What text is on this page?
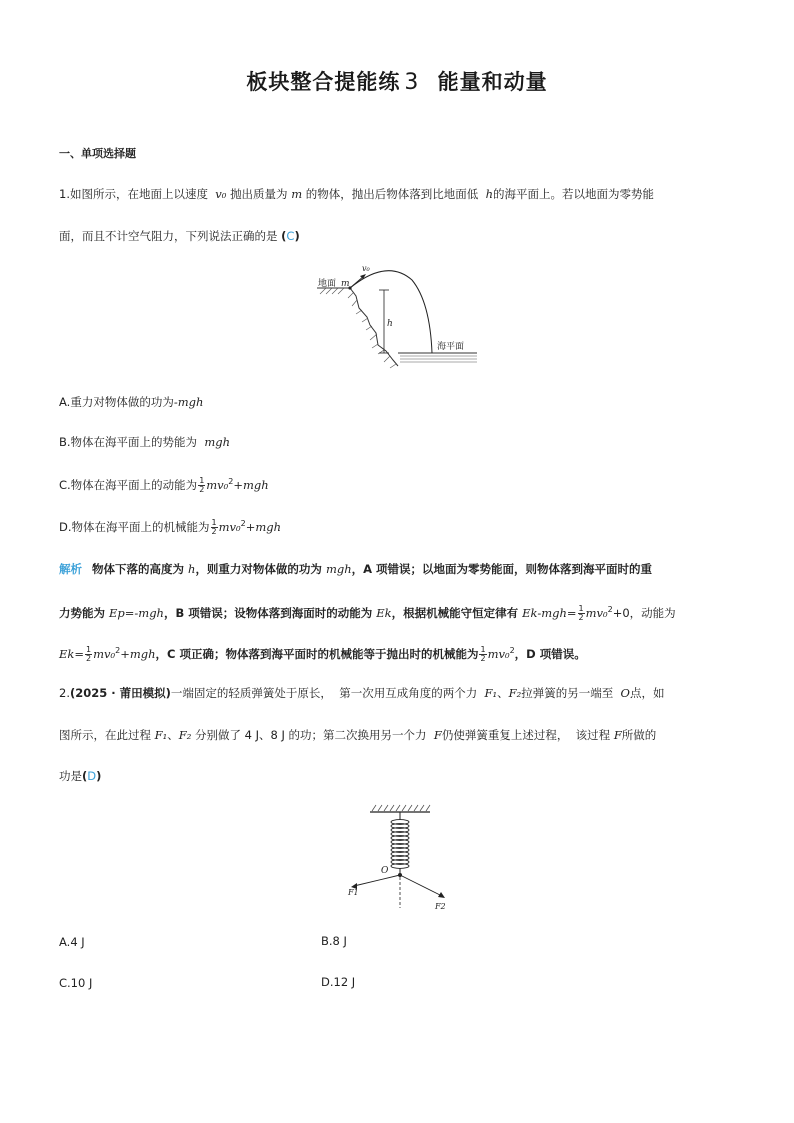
板块整合提能练 3 能量和动量
一、单项选择题
1.如图所示，在地面上以速度 v₀ 抛出质量为 m 的物体，抛出后物体落到比地面低 h的海平面上。若以地面为零势能
面，而且不计空气阻力，下列说法正确的是 (C)
地面 m
v₀
h
海平面
A.重力对物体做的功为-mgh
B.物体在海平面上的势能为 mgh
C.物体在海平面上的动能为 $\frac{1}{2} mv_0^2+mgh$
D.物体在海平面上的机械能为 $\frac{1}{2} mv_0^2+mgh$
解析 物体下落的高度为 h，则重力对物体做的功为 mgh，A 项错误；以地面为零势能面，则物体落到海平面时的重
力势能为 Ep=-mgh，B 项错误；设物体落到海面时的动能为 Ek，根据机械能守恒定律有 $Ek-mgh= \frac{1}{2} mv_0^2+0$，动能为
$Ek= \frac{1}{2} mv_0^2+mgh$，C 项正确；物体落到海平面时的机械能等于抛出时的机械能为 $\frac{1}{2} mv_0^2$，D 项错误。
2.(2025 · 莆田模拟)一端固定的轻质弹簧处于原长， 第一次用互成角度的两个力 F₁、F₂拉弹簧的另一端至 O点，如
图所示，在此过程 F₁、F₂ 分别做了 4 J、8 J 的功；第二次换用另一个力 F仍使弹簧重复上述过程， 该过程 F所做的
功是(D)
O
F1
F2
A.4 J	B.8 J
C.10 J	D.12 J
